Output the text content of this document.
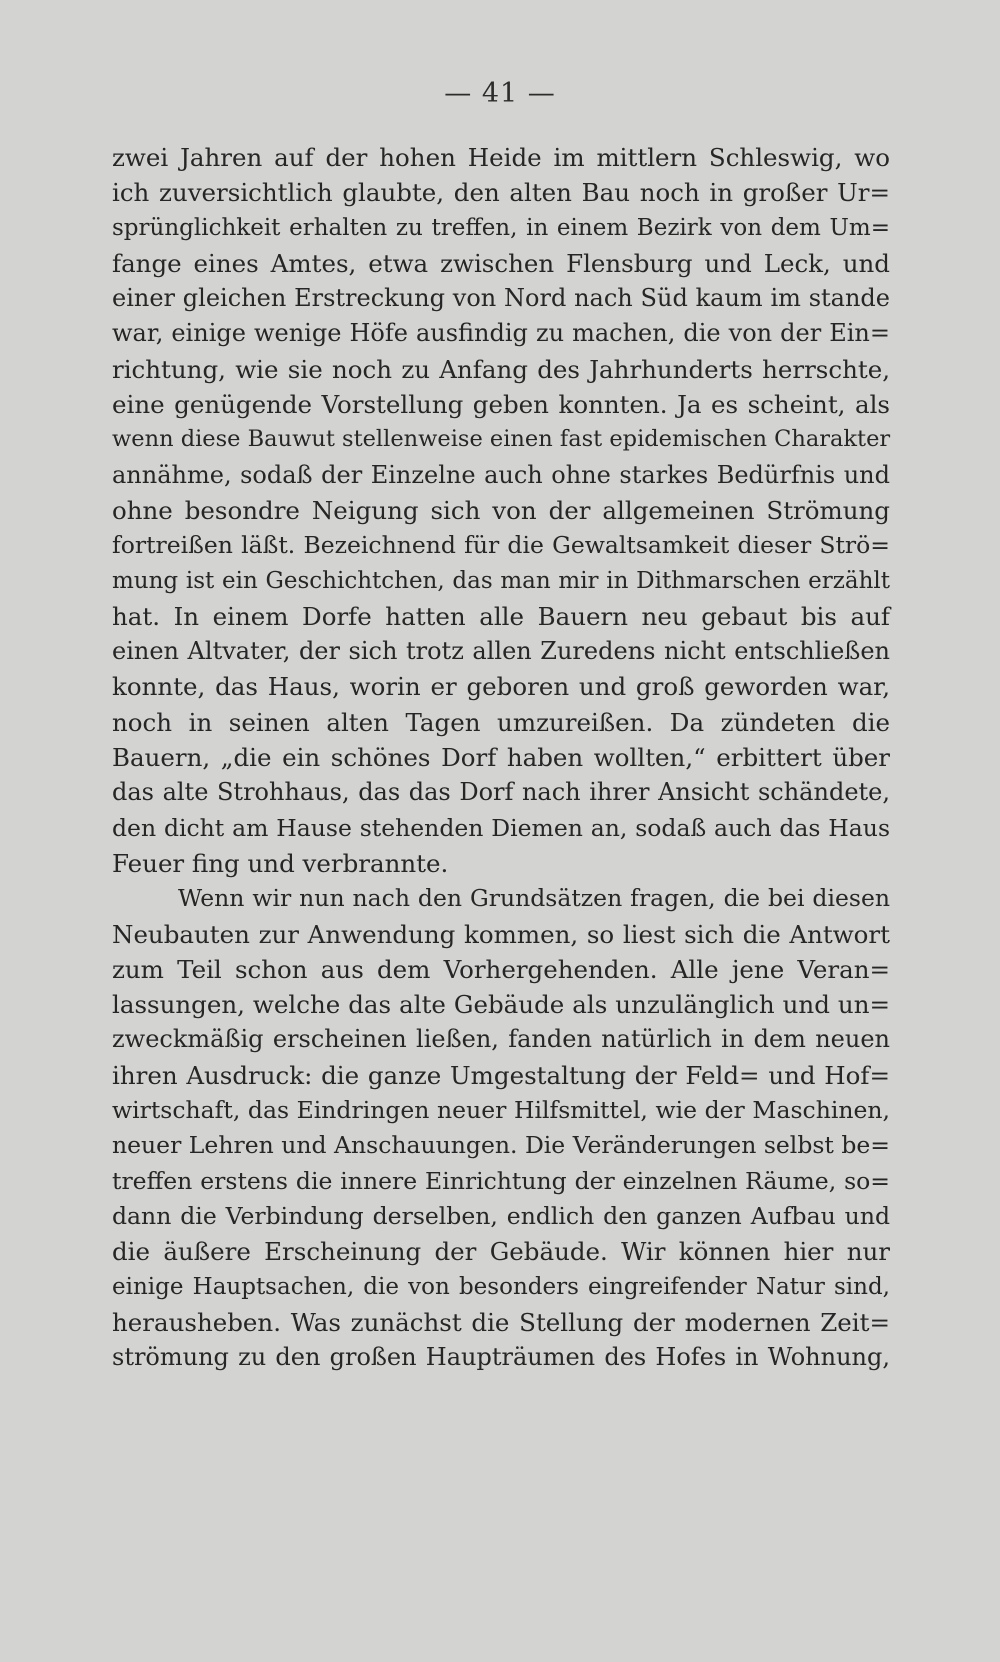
— 41 —
zwei Jahren auf der hohen Heide im mittlern Schleswig, wo
ich zuversichtlich glaubte, den alten Bau noch in großer Ur=
sprünglichkeit erhalten zu treffen, in einem Bezirk von dem Um=
fange eines Amtes, etwa zwischen Flensburg und Leck, und
einer gleichen Erstreckung von Nord nach Süd kaum im stande
war, einige wenige Höfe ausfindig zu machen, die von der Ein=
richtung, wie sie noch zu Anfang des Jahrhunderts herrschte,
eine genügende Vorstellung geben konnten. Ja es scheint, als
wenn diese Bauwut stellenweise einen fast epidemischen Charakter
annähme, sodaß der Einzelne auch ohne starkes Bedürfnis und
ohne besondre Neigung sich von der allgemeinen Strömung
fortreißen läßt. Bezeichnend für die Gewaltsamkeit dieser Strö=
mung ist ein Geschichtchen, das man mir in Dithmarschen erzählt
hat. In einem Dorfe hatten alle Bauern neu gebaut bis auf
einen Altvater, der sich trotz allen Zuredens nicht entschließen
konnte, das Haus, worin er geboren und groß geworden war,
noch in seinen alten Tagen umzureißen. Da zündeten die
Bauern, „die ein schönes Dorf haben wollten,“ erbittert über
das alte Strohhaus, das das Dorf nach ihrer Ansicht schändete,
den dicht am Hause stehenden Diemen an, sodaß auch das Haus
Feuer fing und verbrannte.
Wenn wir nun nach den Grundsätzen fragen, die bei diesen
Neubauten zur Anwendung kommen, so liest sich die Antwort
zum Teil schon aus dem Vorhergehenden. Alle jene Veran=
lassungen, welche das alte Gebäude als unzulänglich und un=
zweckmäßig erscheinen ließen, fanden natürlich in dem neuen
ihren Ausdruck: die ganze Umgestaltung der Feld= und Hof=
wirtschaft, das Eindringen neuer Hilfsmittel, wie der Maschinen,
neuer Lehren und Anschauungen. Die Veränderungen selbst be=
treffen erstens die innere Einrichtung der einzelnen Räume, so=
dann die Verbindung derselben, endlich den ganzen Aufbau und
die äußere Erscheinung der Gebäude. Wir können hier nur
einige Hauptsachen, die von besonders eingreifender Natur sind,
herausheben. Was zunächst die Stellung der modernen Zeit=
strömung zu den großen Haupträumen des Hofes in Wohnung,
